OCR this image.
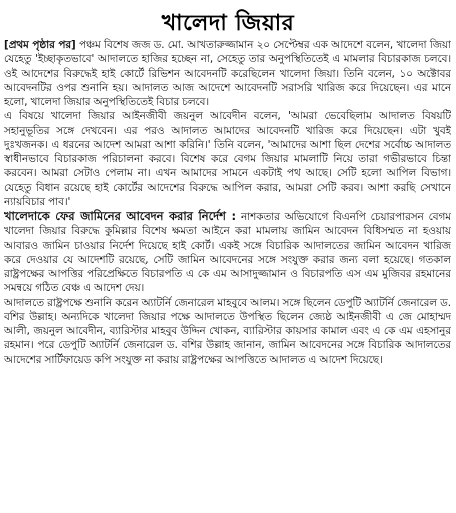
খালেদা জিয়ার

[প্রথম পৃষ্ঠার পর] পঞ্চম বিশেষ জজ ড. মো. আখতারুজ্জামান ২০ সেপ্টেম্বর এক আদেশে বলেন, খালেদা জিয়া যেহেতু 'ইচ্ছাকৃতভাবে' আদালতে হাজির হচ্ছেন না, সেহেতু তার অনুপস্থিতিতেই এ মামলার বিচারকাজ চলবে। ওই আদেশের বিরুদ্ধেই হাই কোর্টে রিভিশন আবেদনটি করেছিলেন খালেদা জিয়া। তিনি বলেন, ১০ অক্টোবর আবেদনটির ওপর শুনানি হয়। আদালত আজ আদেশে আবেদনটি সরাসরি খারিজ করে দিয়েছেন। এর মানে হলো, খালেদা জিয়ার অনুপস্থিতিতেই বিচার চলবে।

এ বিষয়ে খালেদা জিয়ার আইনজীবী জয়নুল আবেদীন বলেন, 'আমরা ভেবেছিলাম আদালত বিষয়টি সহানুভূতির সঙ্গে দেখবেন। এর পরও আদালত আমাদের আবেদনটি খারিজ করে দিয়েছেন। এটা খুবই দুঃখজনক। এ ধরনের আদেশ আমরা আশা করিনি।' তিনি বলেন, 'আমাদের আশা ছিল দেশের সর্বোচ্চ আদালত স্বাধীনভাবে বিচারকাজ পরিচালনা করবে। বিশেষ করে বেগম জিয়ার মামলাটি নিয়ে তারা গভীরভাবে চিন্তা করবেন। আমরা সেটাও পেলাম না। এখন আমাদের সামনে একটাই পথ আছে। সেটি হলো আপিল বিভাগ। যেহেতু বিধান রয়েছে হাই কোর্টের আদেশের বিরুদ্ধে আপিল করার, আমরা সেটি করব। আশা করছি সেখানে ন্যায়বিচার পাব।'

খালেদাকে ফের জামিনের আবেদন করার নির্দেশ : নাশকতার অভিযোগে বিএনপি চেয়ারপারসন বেগম খালেদা জিয়ার বিরুদ্ধে কুমিল্লার বিশেষ ক্ষমতা আইনে করা মামলায় জামিন আবেদন বিধিসম্মত না হওয়ায় আবারও জামিন চাওয়ার নির্দেশ দিয়েছে হাই কোর্ট। একই সঙ্গে বিচারিক আদালতের জামিন আবেদন খারিজ করে দেওয়ার যে আদেশটি রয়েছে, সেটি জামিন আবেদনের সঙ্গে সংযুক্ত করার জন্য বলা হয়েছে। গতকাল রাষ্ট্রপক্ষের আপত্তির পরিপ্রেক্ষিতে বিচারপতি এ কে এম আসাদুজ্জামান ও বিচারপতি এস এম মুজিবর রহমানের সমন্বয়ে গঠিত বেঞ্চ এ আদেশ দেয়।

আদালতে রাষ্ট্রপক্ষে শুনানি করেন অ্যাটর্নি জেনারেল মাহবুবে আলম। সঙ্গে ছিলেন ডেপুটি অ্যাটর্নি জেনারেল ড. বশির উল্লাহ। অন্যদিকে খালেদা জিয়ার পক্ষে আদালতে উপস্থিত ছিলেন জ্যেষ্ঠ আইনজীবী এ জে মোহাম্মদ আলী, জয়নুল আবেদীন, ব্যারিস্টার মাহবুব উদ্দিন খোকন, ব্যারিস্টার কায়সার কামাল এবং এ কে এম এহসানুর রহমান। পরে ডেপুটি অ্যাটর্নি জেনারেল ড. বশির উল্লাহ জানান, জামিন আবেদনের সঙ্গে বিচারিক আদালতের আদেশের সার্টিফায়েড কপি সংযুক্ত না করায় রাষ্ট্রপক্ষের আপত্তিতে আদালত এ আদেশ দিয়েছে।
